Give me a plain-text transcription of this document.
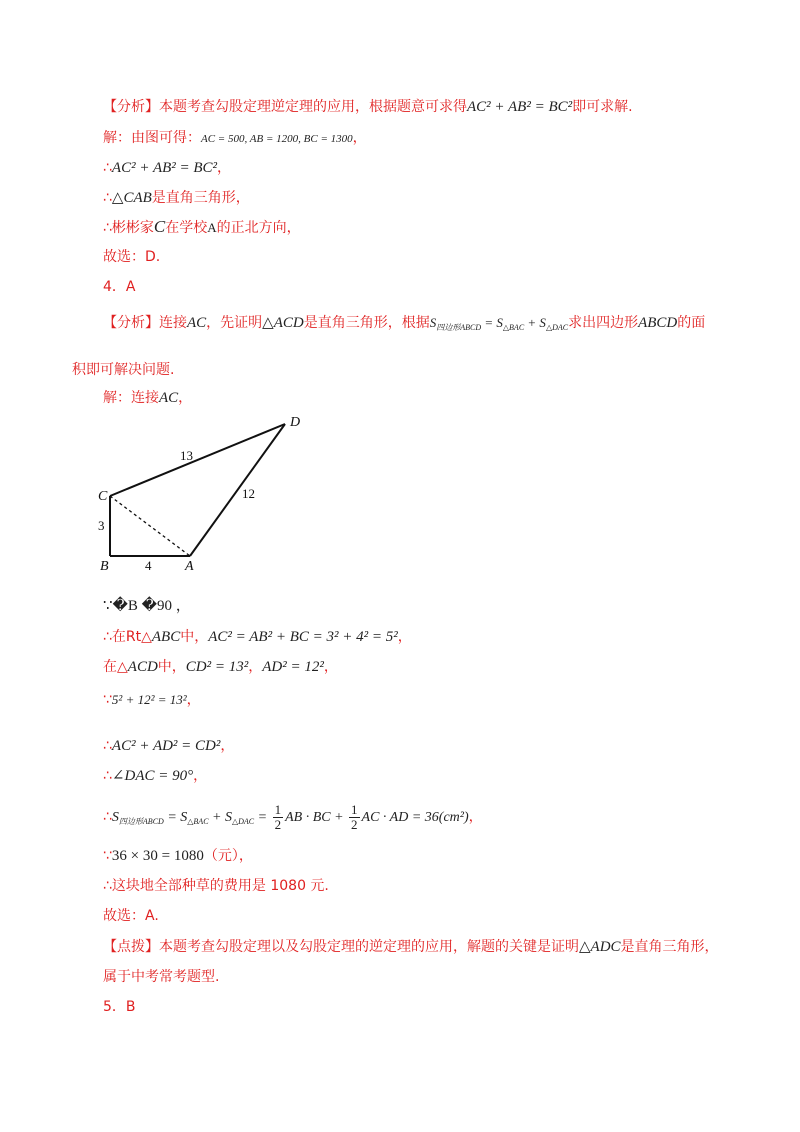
【分析】本题考查勾股定理逆定理的应用，根据题意可求得AC² + AB² = BC²即可求解.
解：由图可得：AC = 500, AB = 1200, BC = 1300，
∴AC² + AB² = BC²，
∴△CAB是直角三角形，
∴彬彬家C在学校A的正北方向，
故选：D.
4．A
【分析】连接AC，先证明△ACD是直角三角形，根据$S_{四边形ABCD} = S_{\triangle BAC} + S_{\triangle DAC}$求出四边形ABCD的面
积即可解决问题.
解：连接AC，
C
D
B	A
13
12
3
4
∵�B �90 ，
∴在Rt△ABC中，AC² = AB² + BC = 3² + 4² = 5²，
在△ACD中，CD² = 13²，AD² = 12²，
∵5² + 12² = 13²，
∴AC² + AD² = CD²，
∴∠DAC = 90°，
$\therefore S_{四边形ABCD} = S_{\triangle BAC} + S_{\triangle DAC} = \frac{1}{2}$ AB · BC + $\frac{1}{2}$ AC · AD = 36(cm²)，
∵36 × 30 = 1080（元），
∴这块地全部种草的费用是 1080 元.
故选：A.
【点拨】本题考查勾股定理以及勾股定理的逆定理的应用，解题的关键是证明△ADC是直角三角形，
属于中考常考题型.
5．B
